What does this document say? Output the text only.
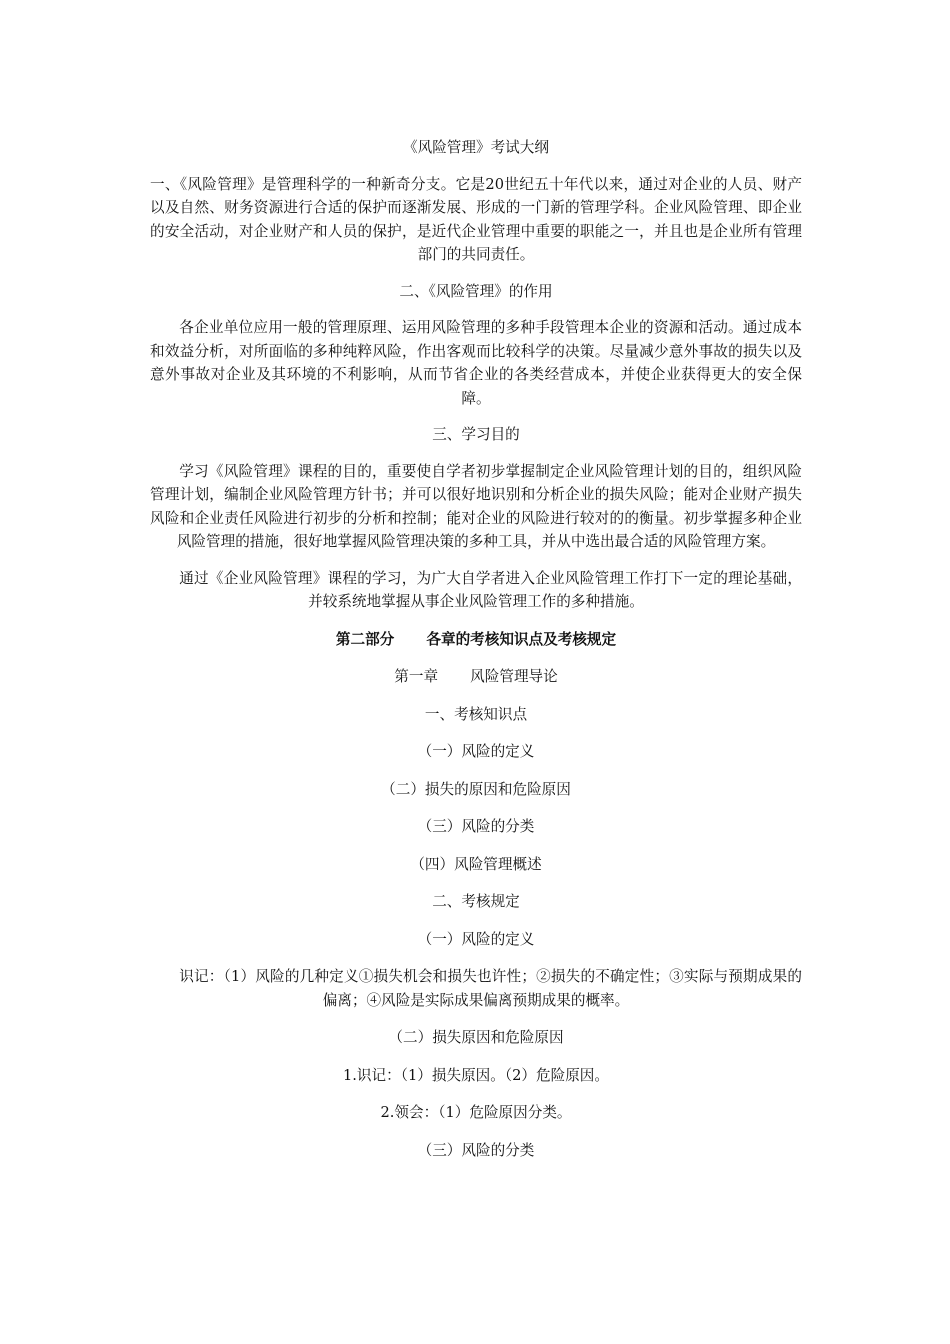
《风险管理》考试大纲

一、《风险管理》是管理科学的一种新奇分支。它是20世纪五十年代以来，通过对企业的人员、财产以及自然、财务资源进行合适的保护而逐渐发展、形成的一门新的管理学科。企业风险管理、即企业的安全活动，对企业财产和人员的保护，是近代企业管理中重要的职能之一，并且也是企业所有管理部门的共同责任。

二、《风险管理》的作用

各企业单位应用一般的管理原理、运用风险管理的多种手段管理本企业的资源和活动。通过成本和效益分析，对所面临的多种纯粹风险，作出客观而比较科学的决策。尽量减少意外事故的损失以及意外事故对企业及其环境的不利影响，从而节省企业的各类经营成本，并使企业获得更大的安全保障。

三、学习目的

学习《风险管理》课程的目的，重要使自学者初步掌握制定企业风险管理计划的目的，组织风险管理计划，编制企业风险管理方针书；并可以很好地识别和分析企业的损失风险；能对企业财产损失风险和企业责任风险进行初步的分析和控制；能对企业的风险进行较对的的衡量。初步掌握多种企业风险管理的措施，很好地掌握风险管理决策的多种工具，并从中选出最合适的风险管理方案。

通过《企业风险管理》课程的学习，为广大自学者进入企业风险管理工作打下一定的理论基础，并较系统地掌握从事企业风险管理工作的多种措施。

第二部分 各章的考核知识点及考核规定

第一章 风险管理导论

一、考核知识点

（一）风险的定义

（二）损失的原因和危险原因

（三）风险的分类

（四）风险管理概述

二、考核规定

（一）风险的定义

识记：（1）风险的几种定义①损失机会和损失也许性；②损失的不确定性；③实际与预期成果的偏离；④风险是实际成果偏离预期成果的概率。

（二）损失原因和危险原因

1.识记：（1）损失原因。（2）危险原因。

2.领会：（1）危险原因分类。

（三）风险的分类
